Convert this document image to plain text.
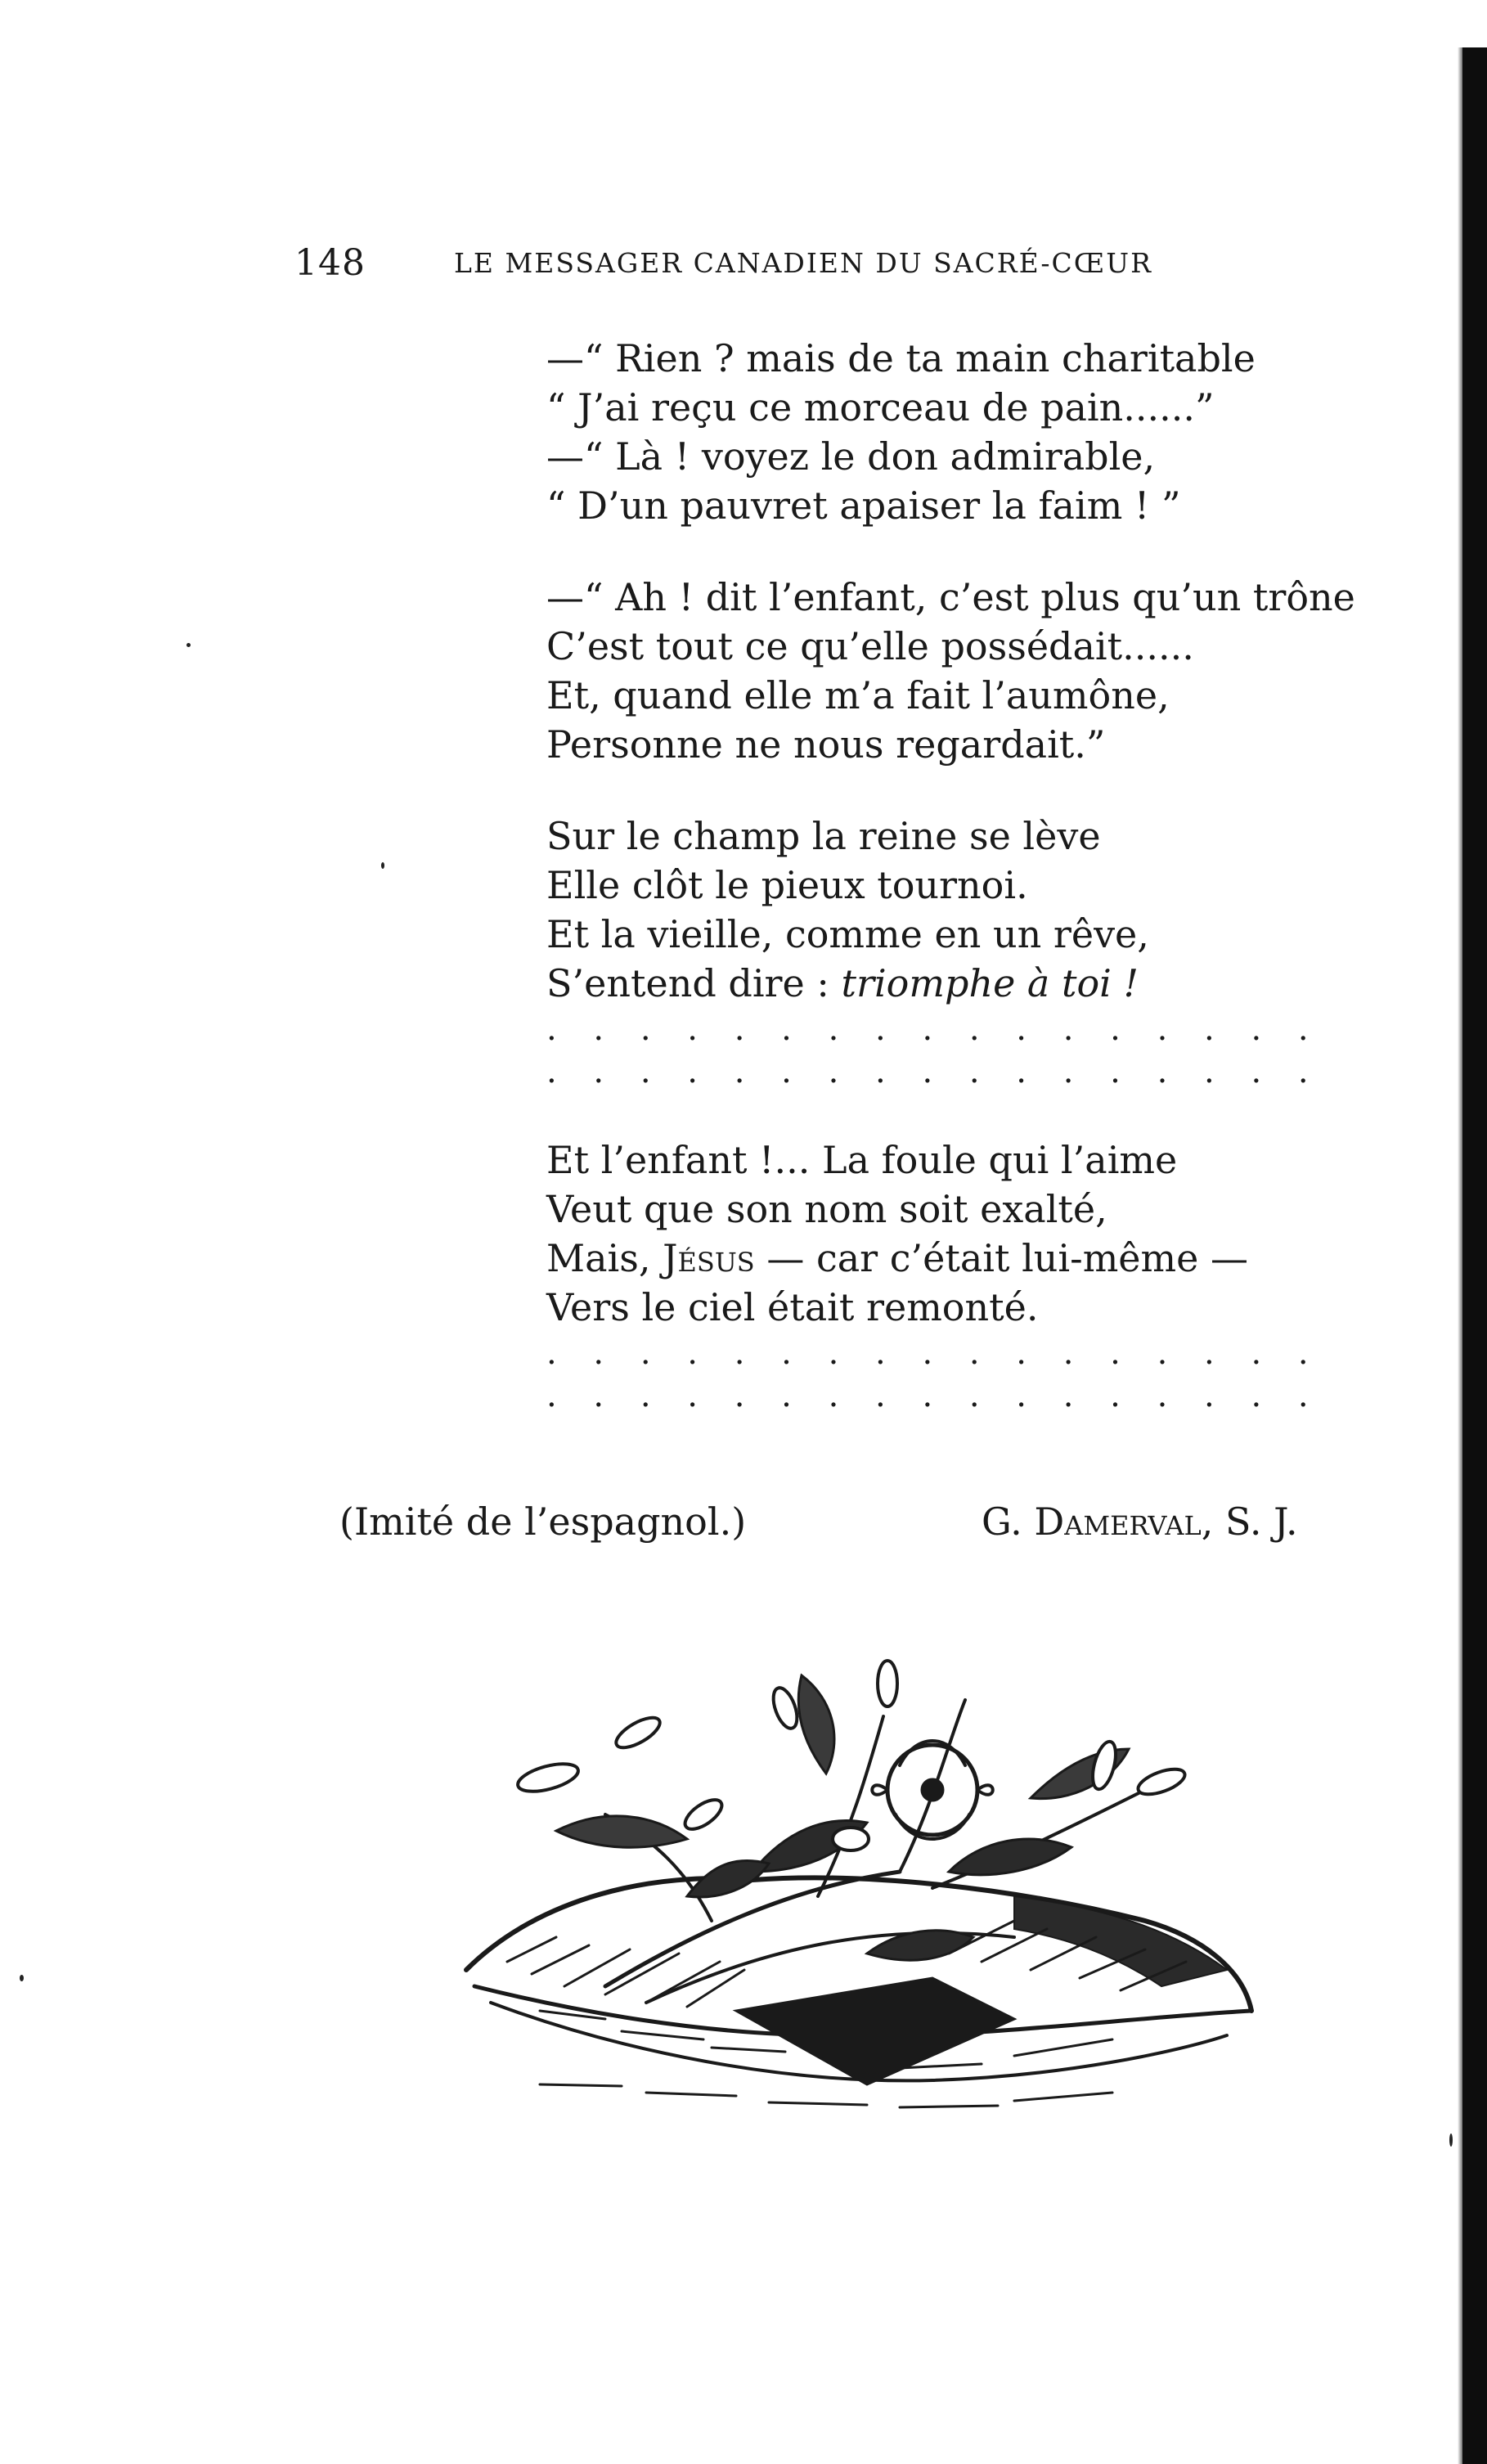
148	LE MESSAGER CANADIEN DU SACRÉ-CŒUR
—“ Rien ? mais de ta main charitable
“ J’ai reçu ce morceau de pain......”
—“ Là ! voyez le don admirable,
“ D’un pauvret apaiser la faim ! ”
—“ Ah ! dit l’enfant, c’est plus qu’un trône
C’est tout ce qu’elle possédait......
Et, quand elle m’a fait l’aumône,
Personne ne nous regardait.”
Sur le champ la reine se lève
Elle clôt le pieux tournoi.
Et la vieille, comme en un rêve,
S’entend dire : triomphe à toi !
. . . . . . . . . . . . . . . . .
. . . . . . . . . . . . . . . . .
Et l’enfant !... La foule qui l’aime
Veut que son nom soit exalté,
Mais, Jésus — car c’était lui-même —
Vers le ciel était remonté.
. . . . . . . . . . . . . . . . .
. . . . . . . . . . . . . . . . .
(Imité de l’espagnol.)	G. Damerval, S. J.
